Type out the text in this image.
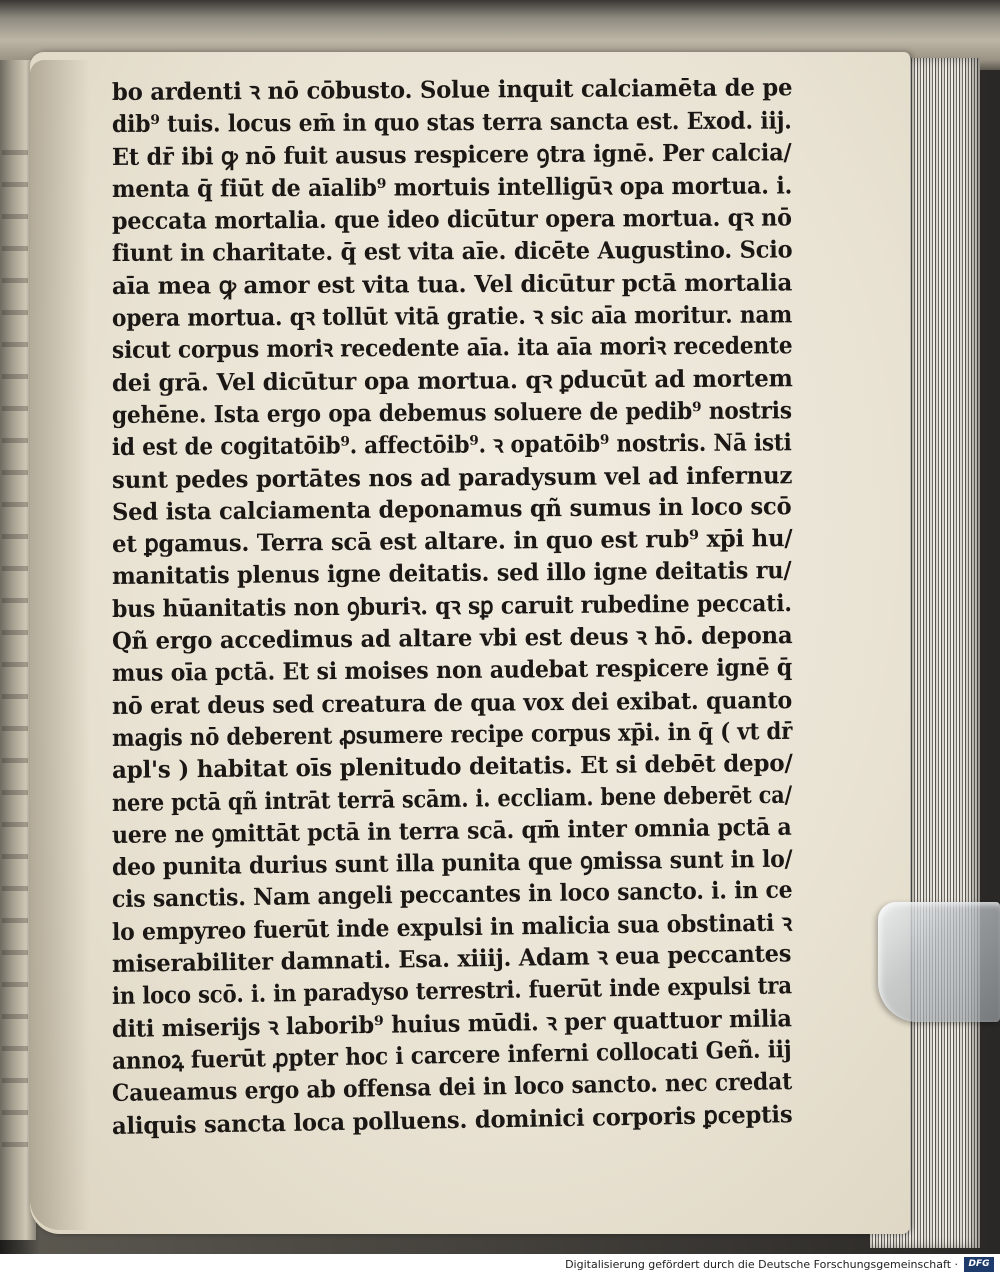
bo ardenti ꝛ nō cōbusto. Solue inquit calciamēta de pe
dib⁹ tuis. locus em̄ in quo stas terra sancta est. Exod. iij.
Et dr̄ ibi ꝙ nō fuit ausus respicere ꝯtra ignē. Per calcia/
menta q̄ fiūt de aīalib⁹ mortuis intelligūꝛ opa mortua. i.
peccata mortalia. que ideo dicūtur opera mortua. qꝛ nō
fiunt in charitate. q̄ est vita aīe. dicēte Augustino. Scio
aīa mea ꝙ amor est vita tua. Vel dicūtur pctā mortalia
opera mortua. qꝛ tollūt vitā gratie. ꝛ sic aīa moritur. nam
sicut corpus moriꝛ recedente aīa. ita aīa moriꝛ recedente
dei grā. Vel dicūtur opa mortua. qꝛ ꝑducūt ad mortem
gehēne. Ista ergo opa debemus soluere de pedib⁹ nostris
id est de cogitatōib⁹. affectōib⁹. ꝛ opatōib⁹ nostris. Nā isti
sunt pedes portātes nos ad paradysum vel ad infernuz
Sed ista calciamenta deponamus qñ sumus in loco scō
et ꝑgamus. Terra scā est altare. in quo est rub⁹ xp̄i hu/
manitatis plenus igne deitatis. sed illo igne deitatis ru/
bus hūanitatis non ꝯburiꝛ. qꝛ sꝑ caruit rubedine peccati.
Qñ ergo accedimus ad altare vbi est deus ꝛ hō. depona
mus oīa pctā. Et si moises non audebat respicere ignē q̄
nō erat deus sed creatura de qua vox dei exibat. quanto
magis nō deberent ꝓsumere recipe corpus xp̄i. in q̄ ( vt dr̄
apl's ) habitat oīs plenitudo deitatis. Et si debēt depo/
nere pctā qñ intrāt terrā scām. i. eccliam. bene deberēt ca/
uere ne ꝯmittāt pctā in terra scā. qm̄ inter omnia pctā a
deo punita durius sunt illa punita que ꝯmissa sunt in lo/
cis sanctis. Nam angeli peccantes in loco sancto. i. in ce
lo empyreo fuerūt inde expulsi in malicia sua obstinati ꝛ
miserabiliter damnati. Esa. xiiij. Adam ꝛ eua peccantes
in loco scō. i. in paradyso terrestri. fuerūt inde expulsi tra
diti miserijs ꝛ laborib⁹ huius mūdi. ꝛ per quattuor milia
annoꝝ fuerūt ꝓpter hoc i carcere inferni collocati Geñ. iij
Caueamus ergo ab offensa dei in loco sancto. nec credat
aliquis sancta loca polluens. dominici corporis ꝑceptis
Digitalisierung gefördert durch die Deutsche Forschungsgemeinschaft ·	DFG
